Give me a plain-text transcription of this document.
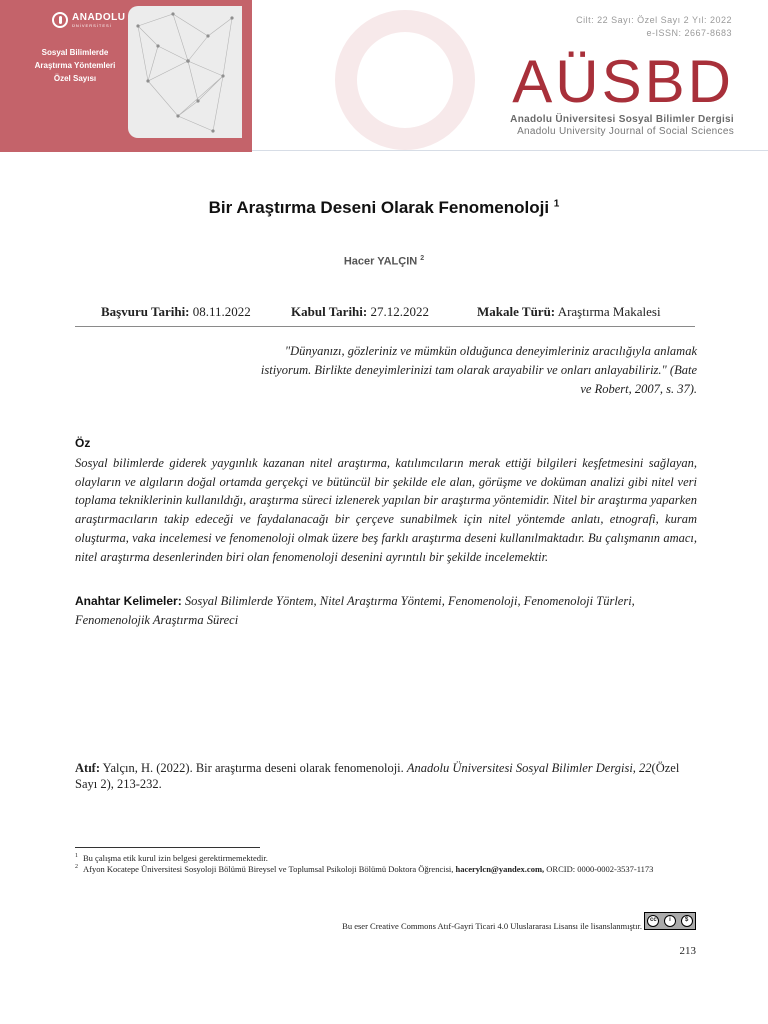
ANADOLU
ÜNİVERSİTESİ
Sosyal Bilimlerde
Araştırma Yöntemleri
Özel Sayısı
Cilt: 22 Sayı: Özel Sayı 2 Yıl: 2022
e-ISSN: 2667-8683
AÜSBD
Anadolu Üniversitesi Sosyal Bilimler Dergisi
Anadolu University Journal of Social Sciences
Bir Araştırma Deseni Olarak Fenomenoloji $^1$
Hacer YALÇIN $^2$
Başvuru Tarihi: 08.11.2022	Kabul Tarihi: 27.12.2022	Makale Türü: Araştırma Makalesi
"Dünyanızı, gözleriniz ve mümkün olduğunca deneyimleriniz aracılığıyla anlamak istiyorum. Birlikte deneyimlerinizi tam olarak arayabilir ve onları anlayabiliriz." (Bate ve Robert, 2007, s. 37).
Öz
Sosyal bilimlerde giderek yaygınlık kazanan nitel araştırma, katılımcıların merak ettiği bilgileri keşfetmesini sağlayan, olayların ve algıların doğal ortamda gerçekçi ve bütüncül bir şekilde ele alan, görüşme ve doküman analizi gibi nitel veri toplama tekniklerinin kullanıldığı, araştırma süreci izlenerek yapılan bir araştırma yöntemidir. Nitel bir araştırma yaparken araştırmacıların takip edeceği ve faydalanacağı bir çerçeve sunabilmek için nitel yöntemde anlatı, etnografi, kuram oluşturma, vaka incelemesi ve fenomenoloji olmak üzere beş farklı araştırma deseni kullanılmaktadır. Bu çalışmanın amacı, nitel araştırma desenlerinden biri olan fenomenoloji desenini ayrıntılı bir şekilde incelemektir.
Anahtar Kelimeler: Sosyal Bilimlerde Yöntem, Nitel Araştırma Yöntemi, Fenomenoloji, Fenomenoloji Türleri, Fenomenolojik Araştırma Süreci
Atıf: Yalçın, H. (2022). Bir araştırma deseni olarak fenomenoloji. Anadolu Üniversitesi Sosyal Bilimler Dergisi, 22(Özel Sayı 2), 213-232.
1 Bu çalışma etik kurul izin belgesi gerektirmemektedir.
2 Afyon Kocatepe Üniversitesi Sosyoloji Bölümü Bireysel ve Toplumsal Psikoloji Bölümü Doktora Öğrencisi, hacerylcn@yandex.com, ORCID: 0000-0002-3537-1173
Bu eser Creative Commons Atıf-Gayri Ticari 4.0 Uluslararası Lisansı ile lisanslanmıştır.
cc	i	$
213
